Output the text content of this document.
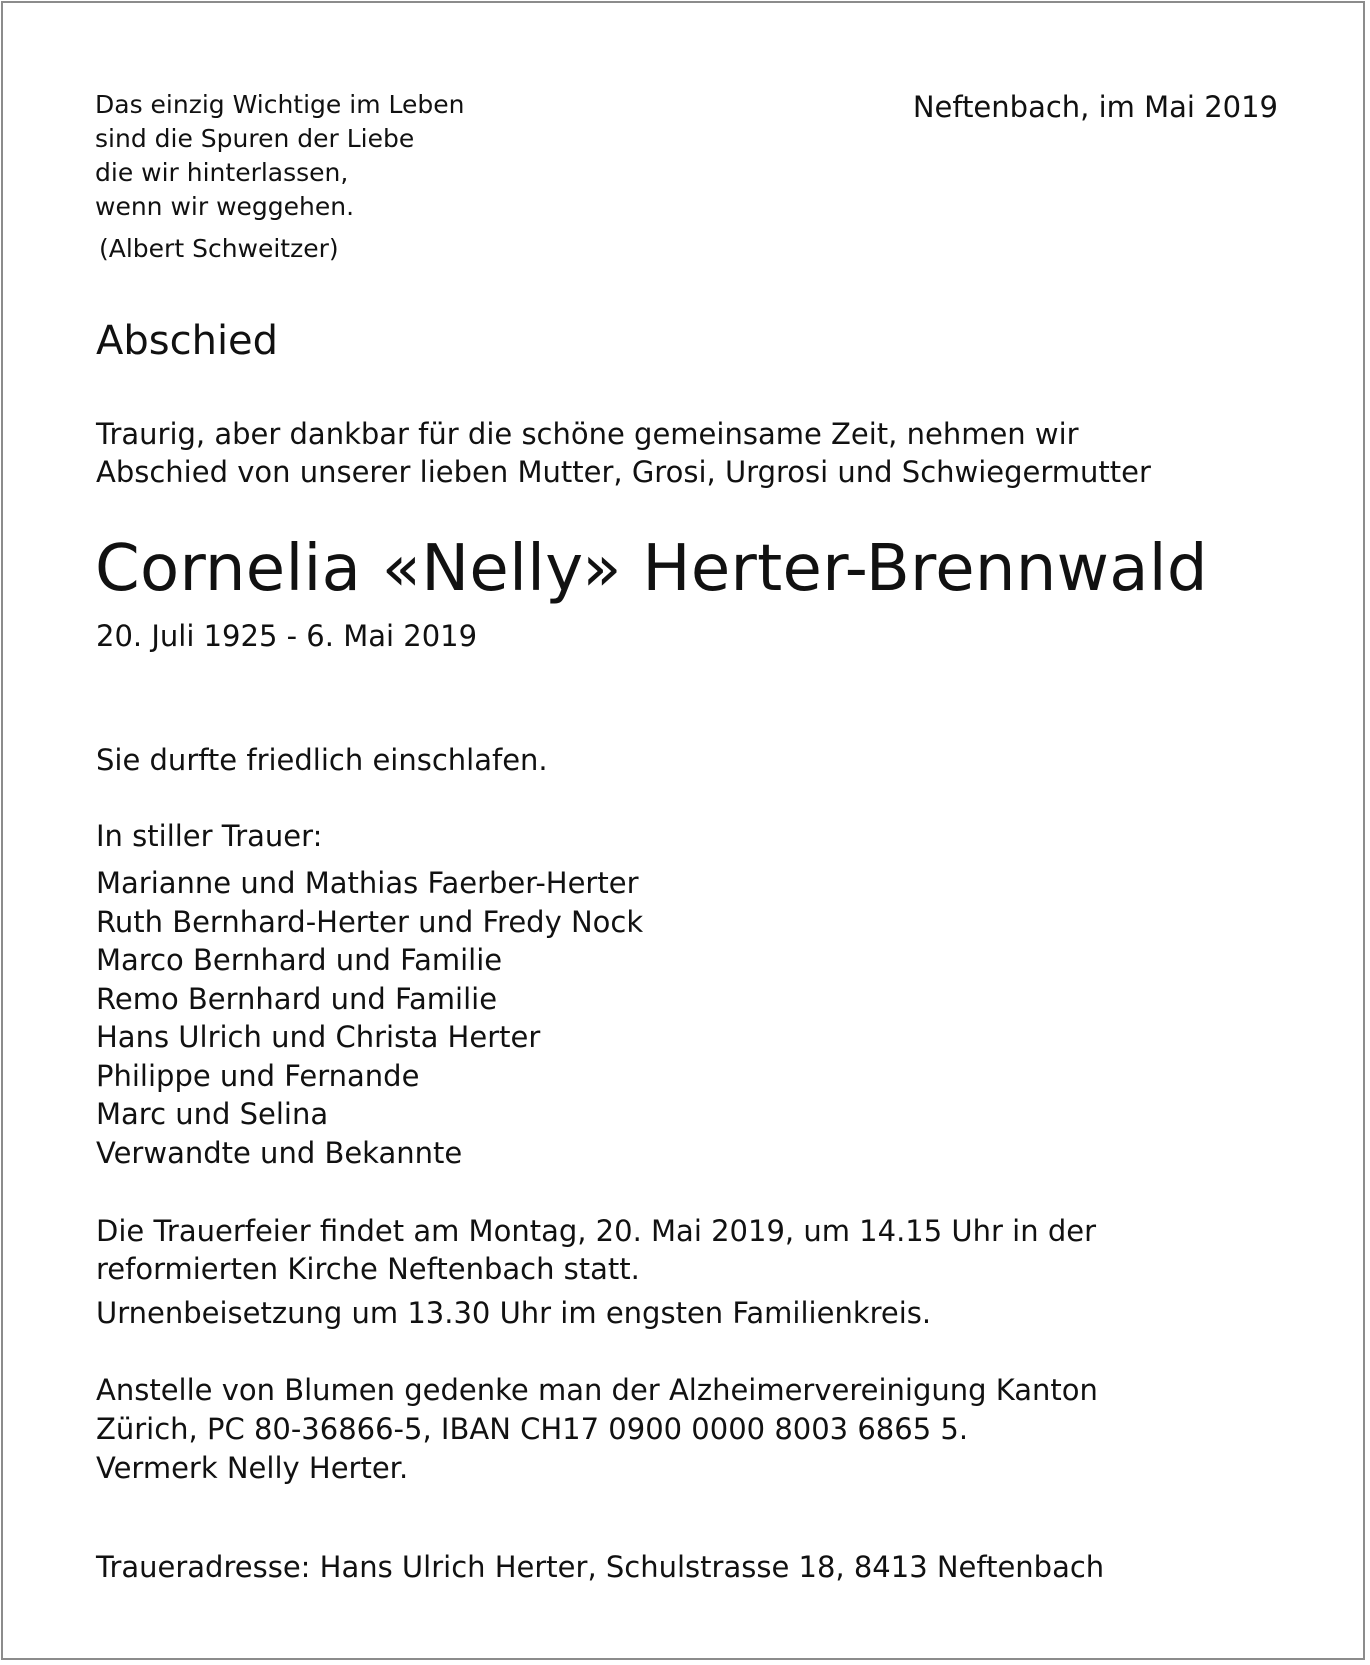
Das einzig Wichtige im Leben
sind die Spuren der Liebe
die wir hinterlassen,
wenn wir weggehen.
(Albert Schweitzer)
Neftenbach, im Mai 2019
Abschied
Traurig, aber dankbar für die schöne gemeinsame Zeit, nehmen wir
Abschied von unserer lieben Mutter, Grosi, Urgrosi und Schwiegermutter
Cornelia «Nelly» Herter-Brennwald
20. Juli 1925 - 6. Mai 2019
Sie durfte friedlich einschlafen.
In stiller Trauer:
Marianne und Mathias Faerber-Herter
Ruth Bernhard-Herter und Fredy Nock
Marco Bernhard und Familie
Remo Bernhard und Familie
Hans Ulrich und Christa Herter
Philippe und Fernande
Marc und Selina
Verwandte und Bekannte
Die Trauerfeier findet am Montag, 20. Mai 2019, um 14.15 Uhr in der
reformierten Kirche Neftenbach statt.
Urnenbeisetzung um 13.30 Uhr im engsten Familienkreis.
Anstelle von Blumen gedenke man der Alzheimervereinigung Kanton
Zürich, PC 80-36866-5, IBAN CH17 0900 0000 8003 6865 5.
Vermerk Nelly Herter.
Traueradresse: Hans Ulrich Herter, Schulstrasse 18, 8413 Neftenbach
